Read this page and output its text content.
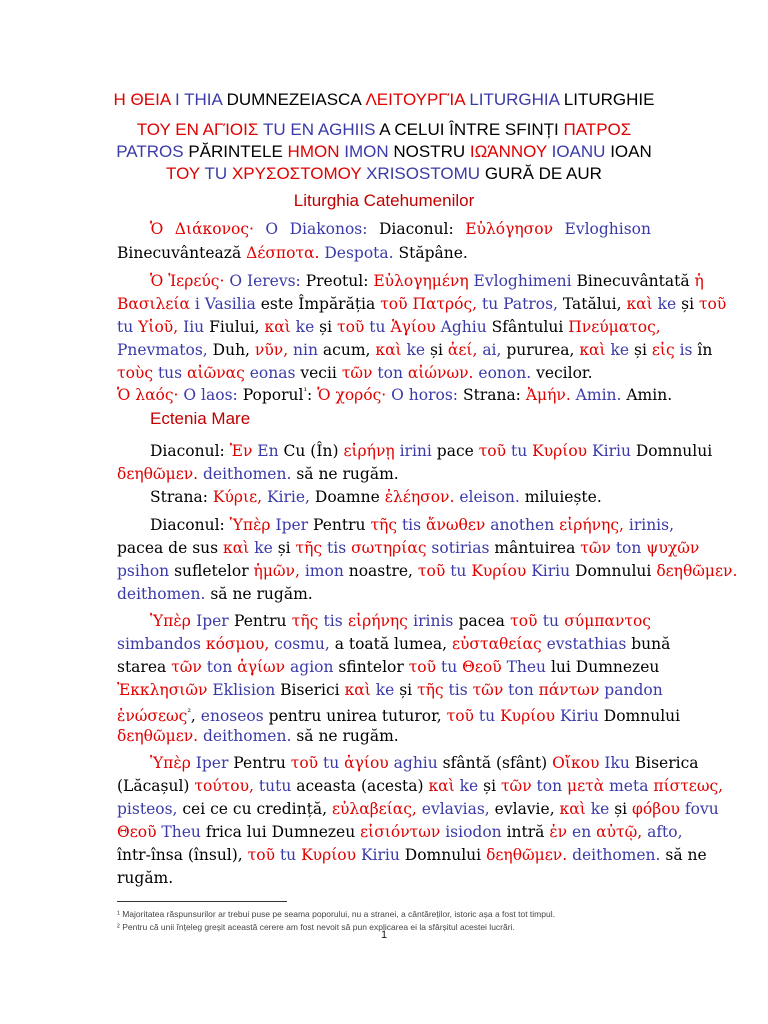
Η ΘΕΙΑ I THIA DUMNEZEIASCA ΛΕΙΤΟΥΡΓΊΑ LITURGHIA LITURGHIE
ΤΟΥ ΕΝ ΑΓΊΟΙΣ TU EN AGHIIS A CELUI ÎNTRE SFINȚI ΠΑΤΡΟΣ
PATROS PĂRINTELE ΗΜΟΝ IMON NOSTRU ΙΩΆΝΝΟΥ IOANU IOAN
ΤΟΥ TU ΧΡΥΣΟΣΤΟΜΟΥ XRISOSTOMU GURĂ DE AUR
Liturghia Catehumenilor
Ὁ Διάκονος· O Diakonos: Diaconul: Εὐλόγησον Evloghison
Binecuvântează Δέσποτα. Despota. Stăpâne.
Ὁ Ἱερεύς· O Ierevs: Preotul: Εὐλογημένη Evloghimeni Binecuvântată ἡ
Βασιλεία i Vasilia este Împărăția τοῦ Πατρός, tu Patros, Tatălui, καὶ ke și τοῦ
tu Υἱοῦ, Iiu Fiului, καὶ ke și τοῦ tu Ἁγίου Aghiu Sfântului Πνεύματος,
Pnevmatos, Duh, νῦν, nin acum, καὶ ke și ἀεί, ai, pururea, καὶ ke și εἰς is în
τοὺς tus αἰῶνας eonas vecii τῶν ton αἰώνων. eonon. vecilor.
Ὁ λαός· O laos: Poporul$^{^1}$: Ὁ χορός· O horos: Strana: Ἀμήν. Amin. Amin.
Ectenia Mare
Diaconul: Ἐν En Cu (În) εἰρήνῃ irini pace τοῦ tu Κυρίου Kiriu Domnului
δεηθῶμεν. deithomen. să ne rugăm.
Strana: Κύριε, Kirie, Doamne ἐλέησον. eleison. miluiește.
Diaconul: Ὑπὲρ Iper Pentru τῆς tis ἄνωθεν anothen εἰρήνης, irinis,
pacea de sus καὶ ke și τῆς tis σωτηρίας sotirias mântuirea τῶν ton ψυχῶν
psihon sufletelor ἡμῶν, imon noastre, τοῦ tu Κυρίου Kiriu Domnului δεηθῶμεν.
deithomen. să ne rugăm.
Ὑπὲρ Iper Pentru τῆς tis εἰρήνης irinis pacea τοῦ tu σύμπαντος
simbandos κόσμου, cosmu, a toată lumea, εὐσταθείας evstathias bună
starea τῶν ton ἁγίων agion sfintelor τοῦ tu Θεοῦ Theu lui Dumnezeu
Ἐκκλησιῶν Eklision Biserici καὶ ke și τῆς tis τῶν ton πάντων pandon
ἑνώσεως$^{^2}$, enoseos pentru unirea tuturor, τοῦ tu Κυρίου Kiriu Domnului
δεηθῶμεν. deithomen. să ne rugăm.
Ὑπὲρ Iper Pentru τοῦ tu ἁγίου aghiu sfântă (sfânt) Οἴκου Iku Biserica
(Lăcașul) τούτου, tutu aceasta (acesta) καὶ ke și τῶν ton μετὰ meta πίστεως,
pisteos, cei ce cu credință, εὐλαβείας, evlavias, evlavie, καὶ ke și φόβου fovu
Θεοῦ Theu frica lui Dumnezeu εἰσιόντων isiodon intră ἐν en αὐτῷ, afto,
într-însa (însul), τοῦ tu Κυρίου Kiriu Domnului δεηθῶμεν. deithomen. să ne
rugăm.
¹ Majoritatea răspunsurilor ar trebui puse pe seama poporului, nu a stranei, a cântăreților, istoric așa a fost tot timpul.
² Pentru că unii înțeleg greșit această cerere am fost nevoit să pun explicarea ei la sfârșitul acestei lucrări.
1
